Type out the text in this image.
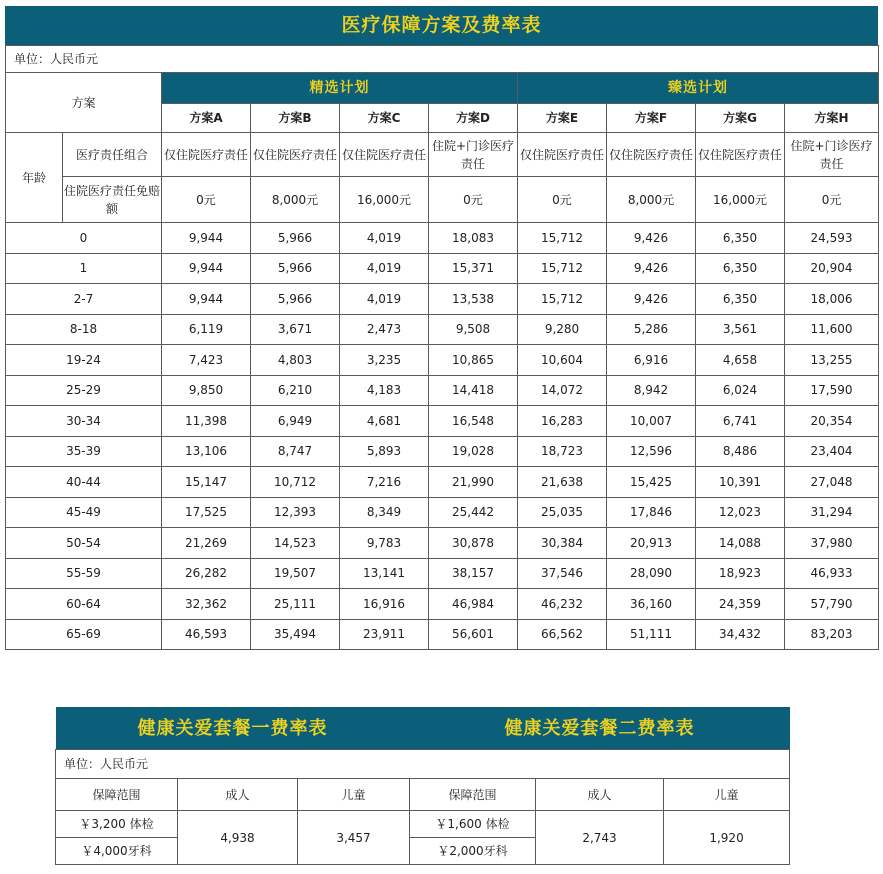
医疗保障方案及费率表
单位：人民币元									
方案		精选计划				臻选计划			
		方案A	方案B	方案C	方案D	方案E	方案F	方案G	方案H
年龄	医疗责任组合	仅住院医疗责任	仅住院医疗责任	仅住院医疗责任	住院+门诊医疗责任	仅住院医疗责任	仅住院医疗责任	仅住院医疗责任	住院+门诊医疗责任
	住院医疗责任免赔额	0元	8,000元	16,000元	0元	0元	8,000元	16,000元	0元
0		9,944	5,966	4,019	18,083	15,712	9,426	6,350	24,593
1		9,944	5,966	4,019	15,371	15,712	9,426	6,350	20,904
2-7		9,944	5,966	4,019	13,538	15,712	9,426	6,350	18,006
8-18		6,119	3,671	2,473	9,508	9,280	5,286	3,561	11,600
19-24		7,423	4,803	3,235	10,865	10,604	6,916	4,658	13,255
25-29		9,850	6,210	4,183	14,418	14,072	8,942	6,024	17,590
30-34		11,398	6,949	4,681	16,548	16,283	10,007	6,741	20,354
35-39		13,106	8,747	5,893	19,028	18,723	12,596	8,486	23,404
40-44		15,147	10,712	7,216	21,990	21,638	15,425	10,391	27,048
45-49		17,525	12,393	8,349	25,442	25,035	17,846	12,023	31,294
50-54		21,269	14,523	9,783	30,878	30,384	20,913	14,088	37,980
55-59		26,282	19,507	13,141	38,157	37,546	28,090	18,923	46,933
60-64		32,362	25,111	16,916	46,984	46,232	36,160	24,359	57,790
65-69		46,593	35,494	23,911	56,601	66,562	51,111	34,432	83,203
健康关爱套餐一费率表			健康关爱套餐二费率表		
单位：人民币元					
保障范围	成人	儿童	保障范围	成人	儿童
￥3,200 体检	4,938	3,457	￥1,600 体检	2,743	1,920
￥4,000牙科			￥2,000牙科		
